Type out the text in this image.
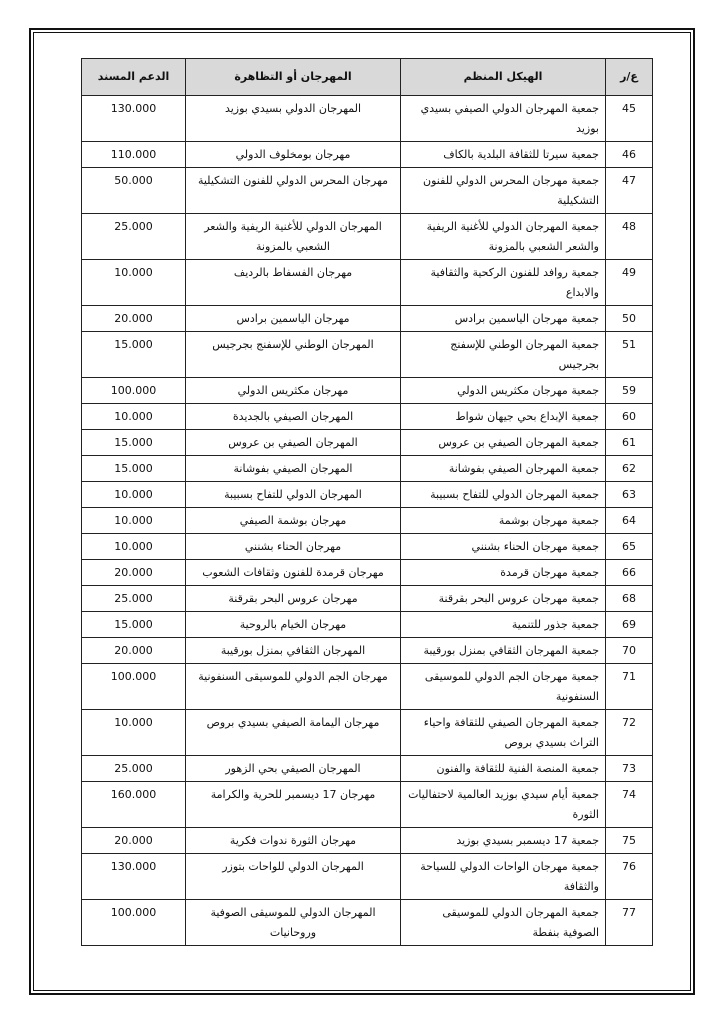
ع/ر	الهيكل المنظم	المهرجان أو التظاهرة	الدعم المسند
45	جمعية المهرجان الدولي الصيفي بسيدي بوزيد	المهرجان الدولي بسيدي بوزيد	130.000
46	جمعية سيرتا للثقافة البلدية بالكاف	مهرجان بومخلوف الدولي	110.000
47	جمعية مهرجان المحرس الدولي للفنون التشكيلية	مهرجان المحرس الدولي للفنون التشكيلية	50.000
48	جمعية المهرجان الدولي للأغنية الريفية والشعر الشعبي بالمزونة	المهرجان الدولي للأغنية الريفية والشعر الشعبي بالمزونة	25.000
49	جمعية روافد للفنون الركحية والثقافية والابداع	مهرجان الفسفاط بالرديف	10.000
50	جمعية مهرجان الياسمين برادس	مهرجان الياسمين برادس	20.000
51	جمعية المهرجان الوطني للإسفنج بجرجيس	المهرجان الوطني للإسفنج بجرجيس	15.000
59	جمعية مهرجان مكثريس الدولي	مهرجان مكثريس الدولي	100.000
60	جمعية الإبداع بحي جيهان شواط	المهرجان الصيفي بالجديدة	10.000
61	جمعية المهرجان الصيفي بن عروس	المهرجان الصيفي بن عروس	15.000
62	جمعية المهرجان الصيفي بفوشانة	المهرجان الصيفي بفوشانة	15.000
63	جمعية المهرجان الدولي للتفاح بسبيبة	المهرجان الدولي للتفاح بسبيبة	10.000
64	جمعية مهرجان بوشمة	مهرجان بوشمة الصيفي	10.000
65	جمعية مهرجان الحناء بشنني	مهرجان الحناء بشنني	10.000
66	جمعية مهرجان قرمدة	مهرجان قرمدة للفنون وثقافات الشعوب	20.000
68	جمعية مهرجان عروس البحر بقرقنة	مهرجان عروس البحر بقرقنة	25.000
69	جمعية جذور للتنمية	مهرجان الخيام بالروحية	15.000
70	جمعية المهرجان الثقافي بمنزل بورقيبة	المهرجان الثقافي بمنزل بورقيبة	20.000
71	جمعية مهرجان الجم الدولي للموسيقى السنفونية	مهرجان الجم الدولي للموسيقى السنفونية	100.000
72	جمعية المهرجان الصيفي للثقافة واحياء التراث بسيدي بروص	مهرجان اليمامة الصيفي بسيدي بروص	10.000
73	جمعية المنصة الفنية للثقافة والفنون	المهرجان الصيفي بحي الزهور	25.000
74	جمعية أيام سيدي بوزيد العالمية لاحتفاليات الثورة	مهرجان 17 ديسمبر للحرية والكرامة	160.000
75	جمعية 17 ديسمبر بسيدي بوزيد	مهرجان الثورة ندوات فكرية	20.000
76	جمعية مهرجان الواحات الدولي للسياحة والثقافة	المهرجان الدولي للواحات بتوزر	130.000
77	جمعية المهرجان الدولي للموسيقى الصوفية بنفطة	المهرجان الدولي للموسيقى الصوفية وروحانيات	100.000
